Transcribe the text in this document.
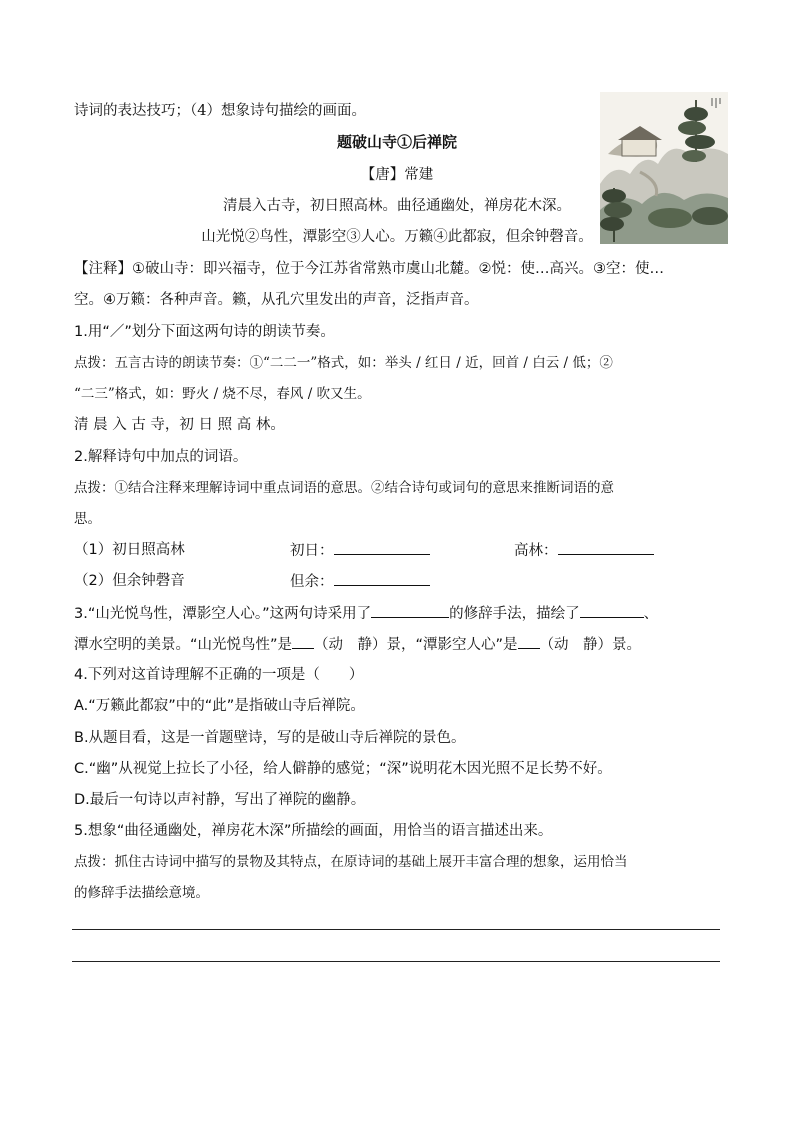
诗词的表达技巧；（4）想象诗句描绘的画面。
题破山寺①后禅院
【唐】常建
清晨入古寺，初日照高林。曲径通幽处，禅房花木深。
山光悦②鸟性，潭影空③人心。万籁④此都寂，但余钟磬音。
【注释】①破山寺：即兴福寺，位于今江苏省常熟市虞山北麓。②悦：使…高兴。③空：使…
空。④万籁：各种声音。籁，从孔穴里发出的声音，泛指声音。
1.用“／”划分下面这两句诗的朗读节奏。
点拨：五言古诗的朗读节奏：①“二二一”格式，如：举头 / 红日 / 近，回首 / 白云 / 低；②
“二三”格式，如：野火 / 烧不尽，春风 / 吹又生。
清 晨 入 古 寺，初 日 照 高 林。
2.解释诗句中加点的词语。
点拨：①结合注释来理解诗词中重点词语的意思。②结合诗句或词句的意思来推断词语的意
思。
（1）初日照高林	初日：	高林：
（2）但余钟磬音	但余：
3.“山光悦鸟性，潭影空人心。”这两句诗采用了	的修辞手法，描绘了	、
潭水空明的美景。“山光悦鸟性”是 （动　静）景，“潭影空人心”是 （动　静）景。
4.下列对这首诗理解不正确的一项是（　　）
A.“万籁此都寂”中的“此”是指破山寺后禅院。
B.从题目看，这是一首题壁诗，写的是破山寺后禅院的景色。
C.“幽”从视觉上拉长了小径，给人僻静的感觉；“深”说明花木因光照不足长势不好。
D.最后一句诗以声衬静，写出了禅院的幽静。
5.想象“曲径通幽处，禅房花木深”所描绘的画面，用恰当的语言描述出来。
点拨：抓住古诗词中描写的景物及其特点，在原诗词的基础上展开丰富合理的想象，运用恰当
的修辞手法描绘意境。
